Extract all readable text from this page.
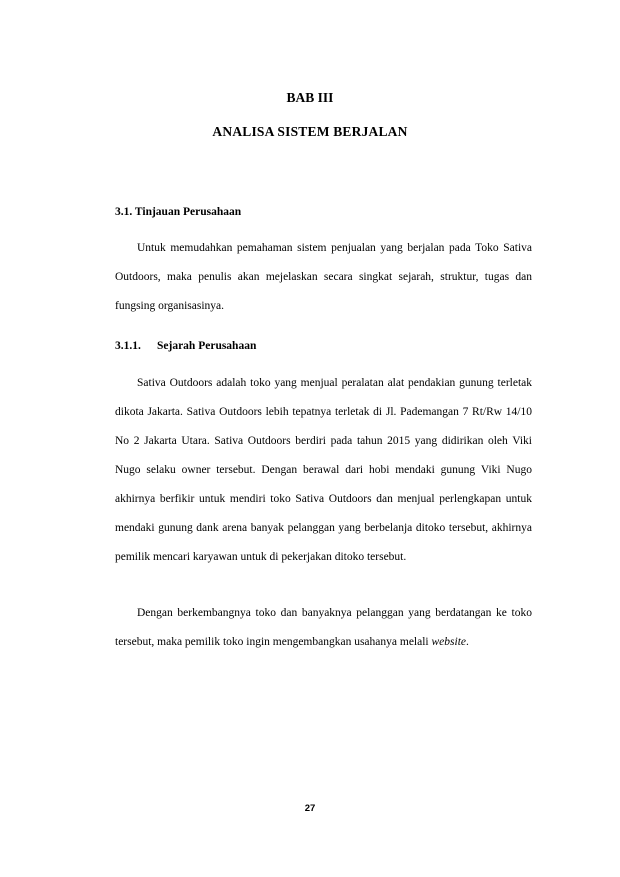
BAB III
ANALISA SISTEM BERJALAN
3.1. Tinjauan Perusahaan

Untuk memudahkan pemahaman sistem penjualan yang berjalan pada Toko Sativa Outdoors, maka penulis akan mejelaskan secara singkat sejarah, struktur, tugas dan fungsing organisasinya.

3.1.1. Sejarah Perusahaan

Sativa Outdoors adalah toko yang menjual peralatan alat pendakian gunung terletak dikota Jakarta. Sativa Outdoors lebih tepatnya terletak di Jl. Pademangan 7 Rt/Rw 14/10 No 2 Jakarta Utara. Sativa Outdoors berdiri pada tahun 2015 yang didirikan oleh Viki Nugo selaku owner tersebut. Dengan berawal dari hobi mendaki gunung Viki Nugo akhirnya berfikir untuk mendiri toko Sativa Outdoors dan menjual perlengkapan untuk mendaki gunung dank arena banyak pelanggan yang berbelanja ditoko tersebut, akhirnya pemilik mencari karyawan untuk di pekerjakan ditoko tersebut.

Dengan berkembangnya toko dan banyaknya pelanggan yang berdatangan ke toko tersebut, maka pemilik toko ingin mengembangkan usahanya melali website.

27
